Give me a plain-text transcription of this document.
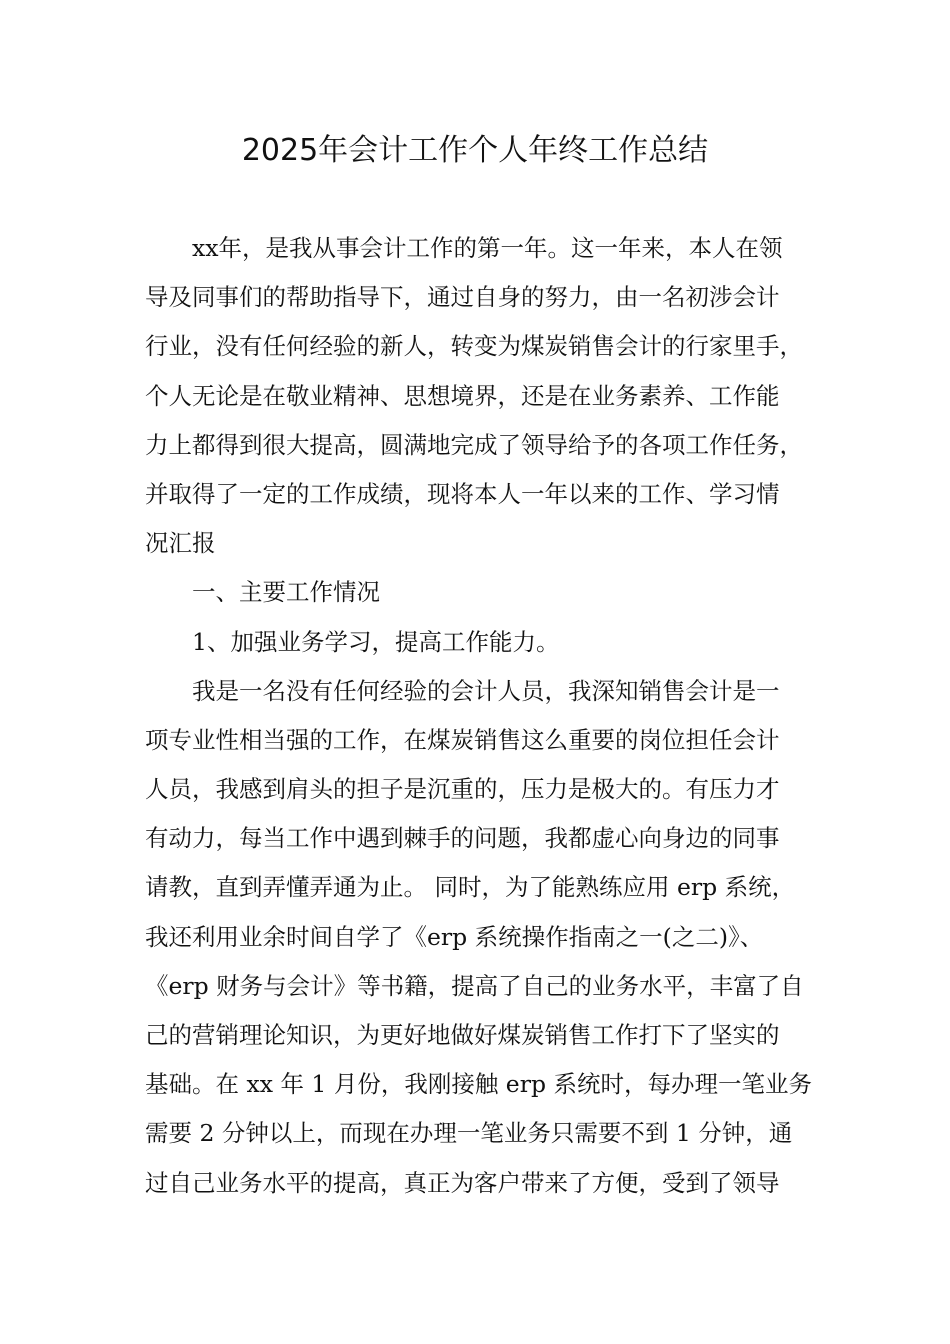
2025年会计工作个人年终工作总结
xx年，是我从事会计工作的第一年。这一年来，本人在领
导及同事们的帮助指导下，通过自身的努力，由一名初涉会计
行业，没有任何经验的新人，转变为煤炭销售会计的行家里手，
个人无论是在敬业精神、思想境界，还是在业务素养、工作能
力上都得到很大提高，圆满地完成了领导给予的各项工作任务，
并取得了一定的工作成绩，现将本人一年以来的工作、学习情
况汇报
一、主要工作情况
1、加强业务学习，提高工作能力。
我是一名没有任何经验的会计人员，我深知销售会计是一
项专业性相当强的工作，在煤炭销售这么重要的岗位担任会计
人员，我感到肩头的担子是沉重的，压力是极大的。有压力才
有动力，每当工作中遇到棘手的问题，我都虚心向身边的同事
请教，直到弄懂弄通为止。 同时，为了能熟练应用 erp 系统，
我还利用业余时间自学了《erp 系统操作指南之一(之二)》、
《erp 财务与会计》等书籍，提高了自己的业务水平，丰富了自
己的营销理论知识，为更好地做好煤炭销售工作打下了坚实的
基础。在 xx 年 1 月份，我刚接触 erp 系统时，每办理一笔业务
需要 2 分钟以上，而现在办理一笔业务只需要不到 1 分钟，通
过自己业务水平的提高，真正为客户带来了方便，受到了领导
